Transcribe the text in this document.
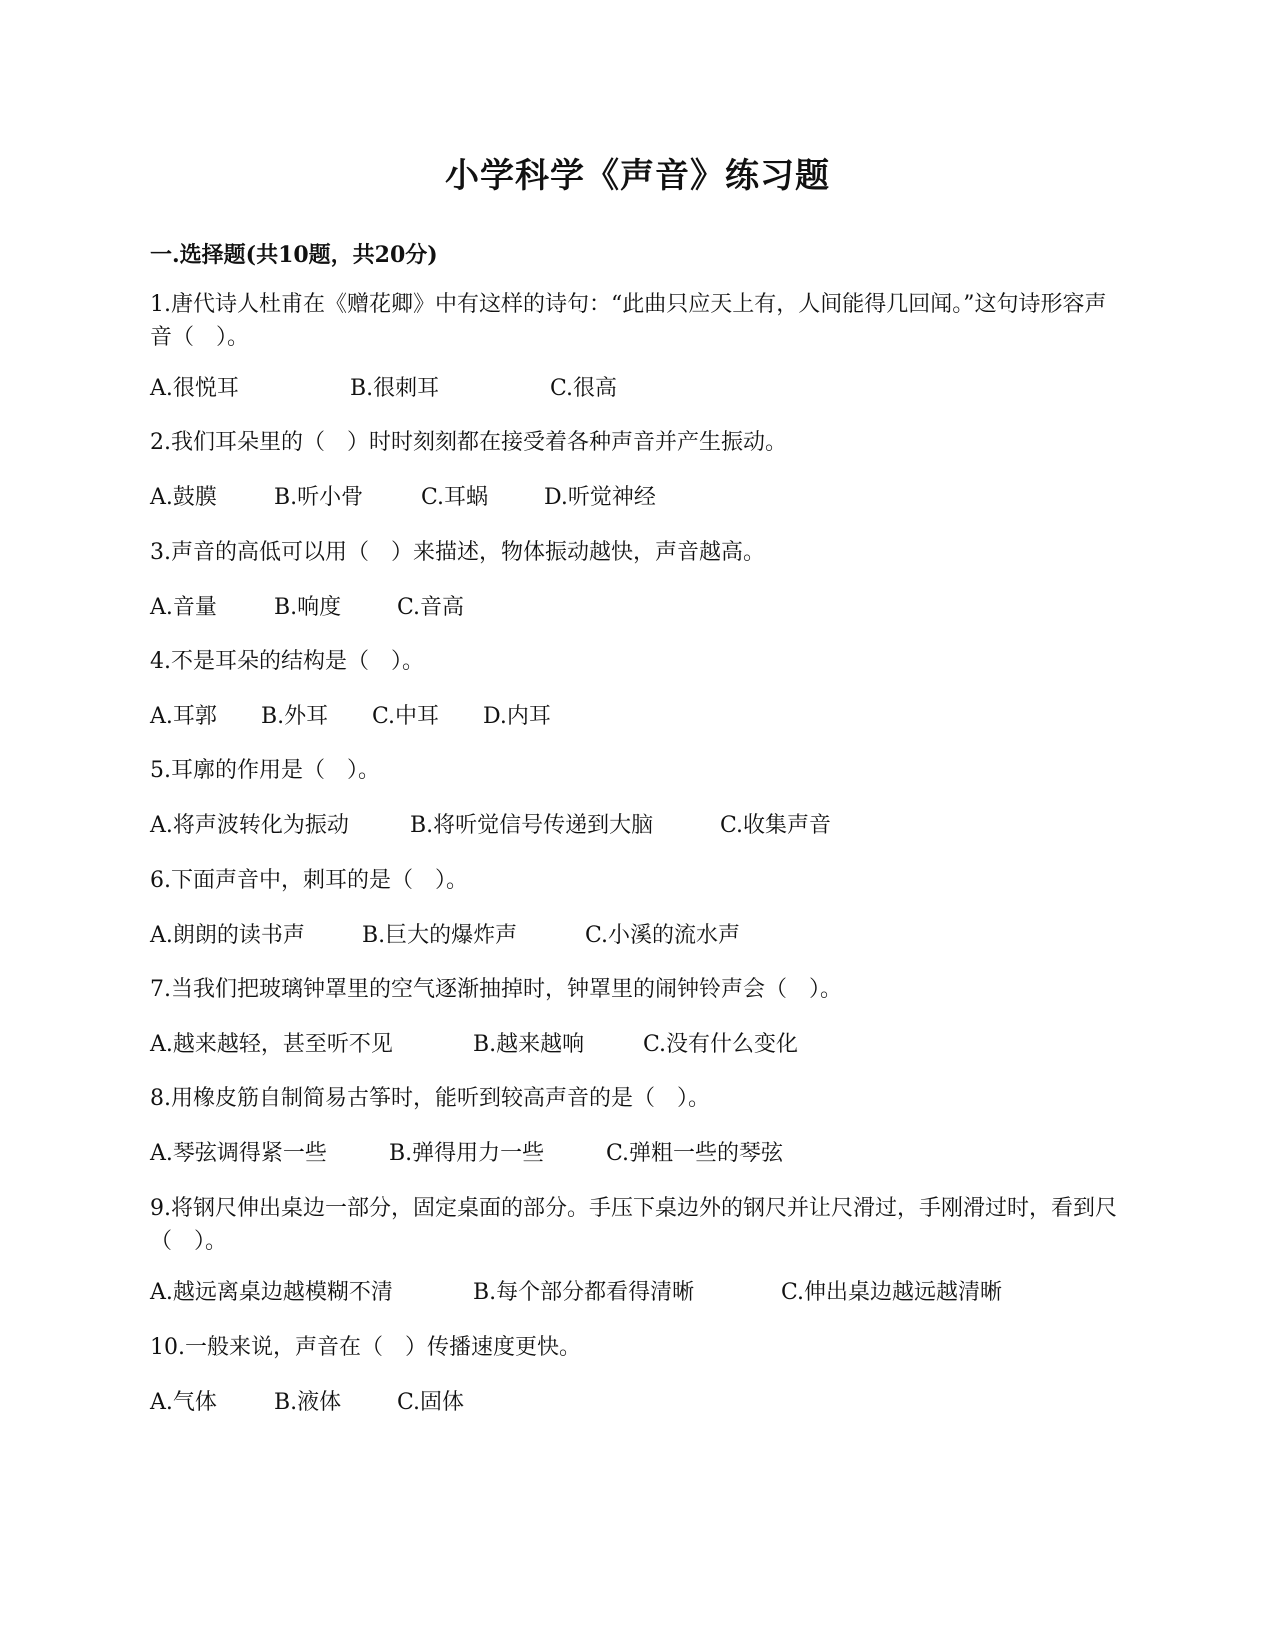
小学科学《声音》练习题
一.选择题(共10题，共20分)
1.唐代诗人杜甫在《赠花卿》中有这样的诗句：“此曲只应天上有，人间能得几回闻。”这句诗形容声音（　）。
A.很悦耳	B.很刺耳	C.很高
2.我们耳朵里的（　）时时刻刻都在接受着各种声音并产生振动。
A.鼓膜	B.听小骨	C.耳蜗	D.听觉神经
3.声音的高低可以用（　）来描述，物体振动越快，声音越高。
A.音量	B.响度	C.音高
4.不是耳朵的结构是（　）。
A.耳郭 B.外耳 C.中耳 D.内耳
5.耳廓的作用是（　）。
A.将声波转化为振动	B.将听觉信号传递到大脑	C.收集声音
6.下面声音中，刺耳的是（　）。
A.朗朗的读书声	B.巨大的爆炸声	C.小溪的流水声
7.当我们把玻璃钟罩里的空气逐渐抽掉时，钟罩里的闹钟铃声会（　）。
A.越来越轻，甚至听不见	B.越来越响	C.没有什么变化
8.用橡皮筋自制简易古筝时，能听到较高声音的是（　）。
A.琴弦调得紧一些	B.弹得用力一些	C.弹粗一些的琴弦
9.将钢尺伸出桌边一部分，固定桌面的部分。手压下桌边外的钢尺并让尺滑过，手刚滑过时，看到尺（　）。
A.越远离桌边越模糊不清	B.每个部分都看得清晰	C.伸出桌边越远越清晰
10.一般来说，声音在（　）传播速度更快。
A.气体	B.液体	C.固体
